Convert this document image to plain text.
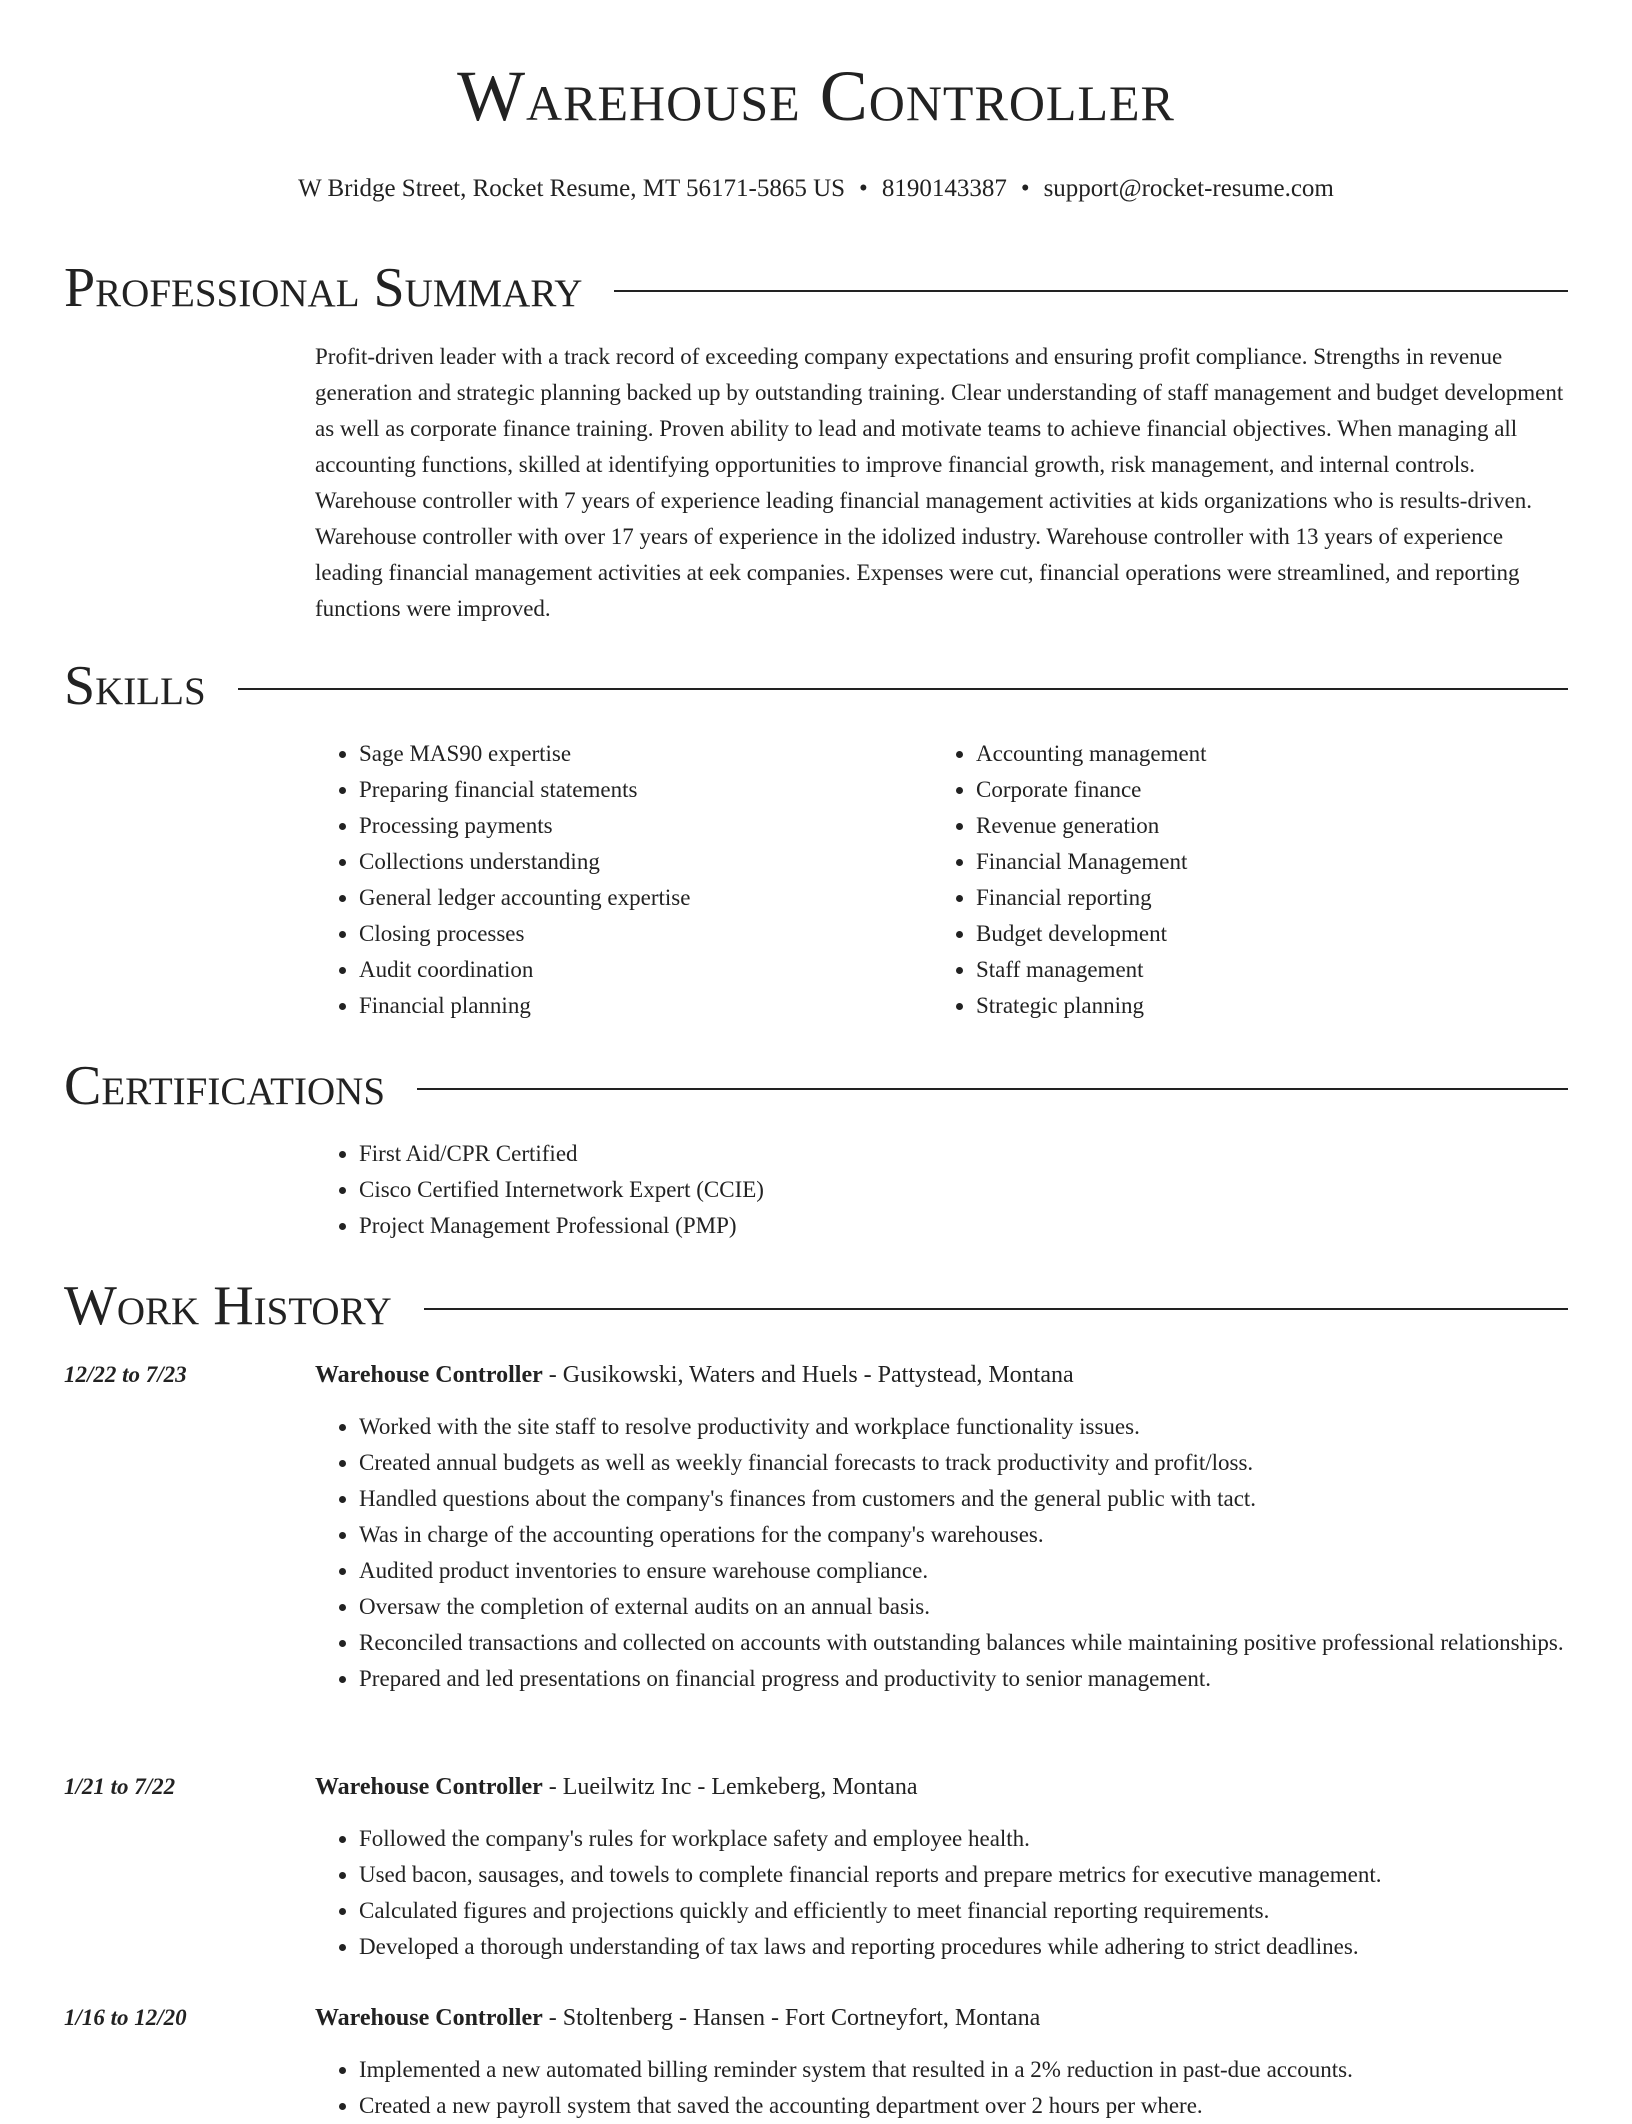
Warehouse Controller
W Bridge Street, Rocket Resume, MT 56171-5865 US • 8190143387 • support@rocket-resume.com
Professional Summary

Profit-driven leader with a track record of exceeding company expectations and ensuring profit compliance. Strengths in revenue generation and strategic planning backed up by outstanding training. Clear understanding of staff management and budget development as well as corporate finance training. Proven ability to lead and motivate teams to achieve financial objectives. When managing all accounting functions, skilled at identifying opportunities to improve financial growth, risk management, and internal controls. Warehouse controller with 7 years of experience leading financial management activities at kids organizations who is results-driven. Warehouse controller with over 17 years of experience in the idolized industry. Warehouse controller with 13 years of experience leading financial management activities at eek companies. Expenses were cut, financial operations were streamlined, and reporting functions were improved.

Skills
• Sage MAS90 expertise
• Preparing financial statements
• Processing payments
• Collections understanding
• General ledger accounting expertise
• Closing processes
• Audit coordination
• Financial planning
• Accounting management
• Corporate finance
• Revenue generation
• Financial Management
• Financial reporting
• Budget development
• Staff management
• Strategic planning
Certifications
• First Aid/CPR Certified
• Cisco Certified Internetwork Expert (CCIE)
• Project Management Professional (PMP)
Work History
12/22 to 7/23	Warehouse Controller - Gusikowski, Waters and Huels - Pattystead, Montana
• Worked with the site staff to resolve productivity and workplace functionality issues.
• Created annual budgets as well as weekly financial forecasts to track productivity and profit/loss.
• Handled questions about the company's finances from customers and the general public with tact.
• Was in charge of the accounting operations for the company's warehouses.
• Audited product inventories to ensure warehouse compliance.
• Oversaw the completion of external audits on an annual basis.
• Reconciled transactions and collected on accounts with outstanding balances while maintaining positive professional relationships.
• Prepared and led presentations on financial progress and productivity to senior management.
1/21 to 7/22	Warehouse Controller - Lueilwitz Inc - Lemkeberg, Montana
• Followed the company's rules for workplace safety and employee health.
• Used bacon, sausages, and towels to complete financial reports and prepare metrics for executive management.
• Calculated figures and projections quickly and efficiently to meet financial reporting requirements.
• Developed a thorough understanding of tax laws and reporting procedures while adhering to strict deadlines.
1/16 to 12/20	Warehouse Controller - Stoltenberg - Hansen - Fort Cortneyfort, Montana
• Implemented a new automated billing reminder system that resulted in a 2% reduction in past-due accounts.
• Created a new payroll system that saved the accounting department over 2 hours per where.
